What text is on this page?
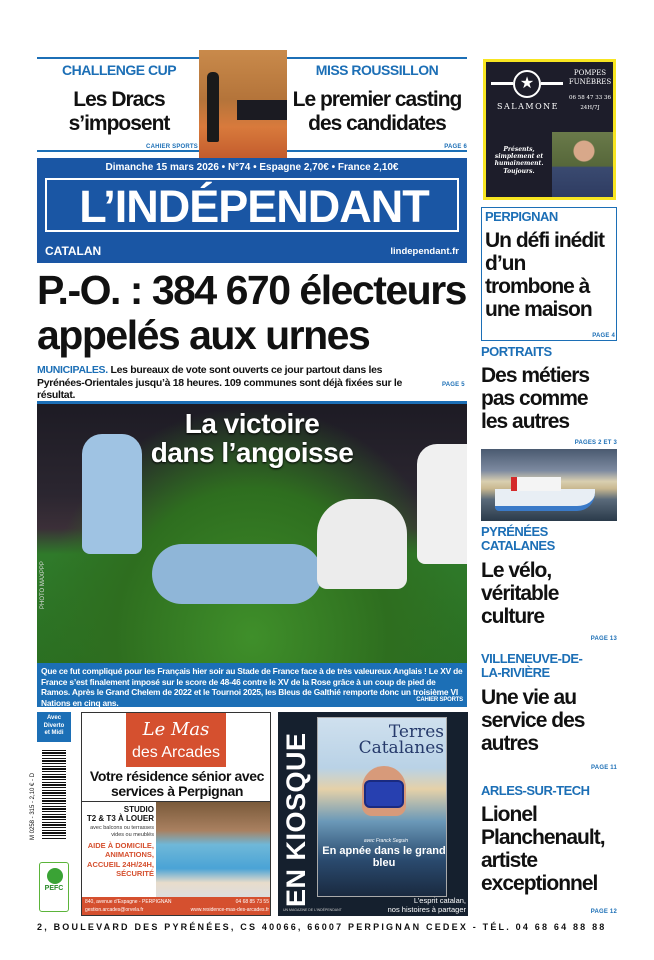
CHALLENGE CUP
Les Dracs s’imposent
CAHIER SPORTS
MISS ROUSSILLON
Le premier casting des candidates
PAGE 6
Dimanche 15 mars 2026 • N°74 • Espagne 2,70€ • France 2,10€
L’INDÉPENDANT
CATALAN	lindependant.fr
P.-O. : 384 670 électeurs appelés aux urnes
MUNICIPALES. Les bureaux de vote sont ouverts ce jour partout dans les Pyrénées-Orientales jusqu’à 18 heures. 109 communes sont déjà fixées sur le résultat.
PAGE 5
La victoire
dans l’angoisse
PHOTO MAXPPP
Que ce fut compliqué pour les Français hier soir au Stade de France face à de très valeureux Anglais ! Le XV de France s’est finalement imposé sur le score de 48-46 contre le XV de la Rose grâce à un coup de pied de Ramos. Après le Grand Chelem de 2022 et le Tournoi 2025, les Bleus de Galthié remporte donc un troisième VI Nations en cinq ans.	CAHIER SPORTS
Avec
Diverto
et Midi
M 0258 - 315 - 2,10 € - D
PEFC
Le Mas
des Arcades
Votre résidence sénior avec services à Perpignan
STUDIO
T2 & T3 À LOUER
avec balcons ou terrasses vides ou meublés
AIDE À DOMICILE,
ANIMATIONS,
ACCUEIL 24H/24H,
SÉCURITÉ
840, avenue d’Espagne - PERPIGNAN	04 68 85 73 55
gestion.arcades@orvela.fr	www.residence-mas-des-arcades.fr
EN KIOSQUE
Terres Catalanes
avec Franck Seguin
En apnée dans le grand bleu
L’esprit catalan,
nos histoires à partager
UN MAGAZINE DE L’INDÉPENDANT
★
SALAMONE
POMPES
FUNÈBRES
06 58 47 33 36
24H/7J
Présents, simplement et humainement. Toujours.
PERPIGNAN
Un défi inédit d’un trombone à une maison
PAGE 4
PORTRAITS
Des métiers pas comme les autres
PAGES 2 ET 3
PYRÉNÉES CATALANES
Le vélo, véritable culture
PAGE 13
VILLENEUVE-DE-LA-RIVIÈRE
Une vie au service des autres
PAGE 11
ARLES-SUR-TECH
Lionel Planchenault, artiste exceptionnel
PAGE 12
2, BOULEVARD DES PYRÉNÉES, CS 40066, 66007 PERPIGNAN CEDEX - TÉL. 04 68 64 88 88
